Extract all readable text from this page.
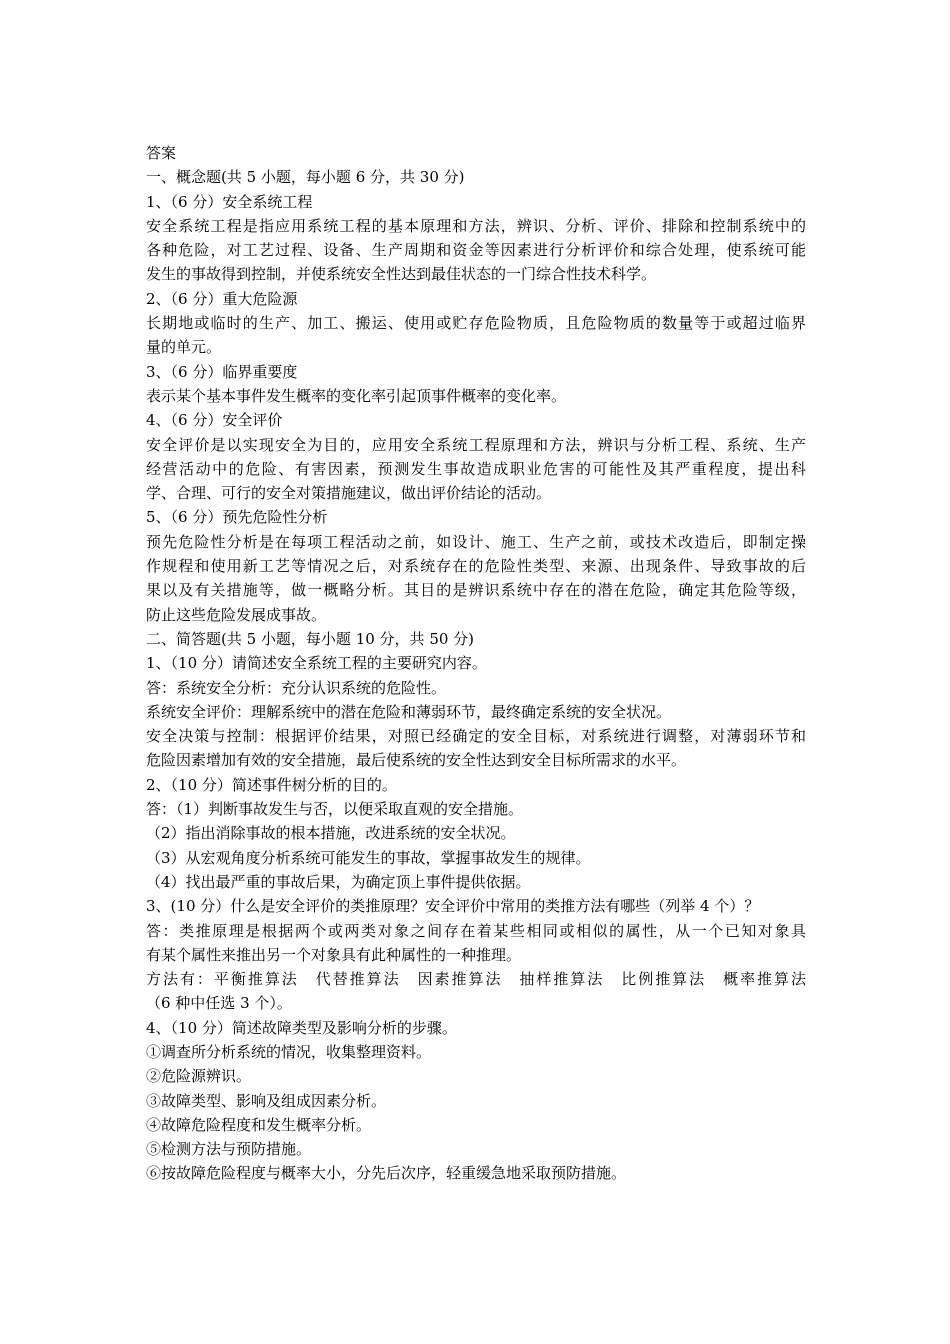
答案

一、概念题(共 5 小题，每小题 6 分，共 30 分)

1、（6 分）安全系统工程

安全系统工程是指应用系统工程的基本原理和方法，辨识、分析、评价、排除和控制系统中的

各种危险，对工艺过程、设备、生产周期和资金等因素进行分析评价和综合处理，使系统可能

发生的事故得到控制，并使系统安全性达到最佳状态的一门综合性技术科学。

2、（6 分）重大危险源

长期地或临时的生产、加工、搬运、使用或贮存危险物质，且危险物质的数量等于或超过临界

量的单元。

3、（6 分）临界重要度

表示某个基本事件发生概率的变化率引起顶事件概率的变化率。

4、（6 分）安全评价

安全评价是以实现安全为目的，应用安全系统工程原理和方法，辨识与分析工程、系统、生产

经营活动中的危险、有害因素，预测发生事故造成职业危害的可能性及其严重程度，提出科

学、合理、可行的安全对策措施建议，做出评价结论的活动。

5、（6 分）预先危险性分析

预先危险性分析是在每项工程活动之前，如设计、施工、生产之前，或技术改造后，即制定操

作规程和使用新工艺等情况之后，对系统存在的危险性类型、来源、出现条件、导致事故的后

果以及有关措施等，做一概略分析。其目的是辨识系统中存在的潜在危险，确定其危险等级，

防止这些危险发展成事故。

二、简答题(共 5 小题，每小题 10 分，共 50 分)

1、（10 分）请简述安全系统工程的主要研究内容。

答：系统安全分析：充分认识系统的危险性。

系统安全评价：理解系统中的潜在危险和薄弱环节，最终确定系统的安全状况。

安全决策与控制：根据评价结果，对照已经确定的安全目标，对系统进行调整，对薄弱环节和

危险因素增加有效的安全措施，最后使系统的安全性达到安全目标所需求的水平。

2、（10 分）简述事件树分析的目的。

答：（1）判断事故发生与否，以便采取直观的安全措施。

（2）指出消除事故的根本措施，改进系统的安全状况。

（3）从宏观角度分析系统可能发生的事故，掌握事故发生的规律。

（4）找出最严重的事故后果，为确定顶上事件提供依据。

3、(10 分）什么是安全评价的类推原理？安全评价中常用的类推方法有哪些（列举 4 个）？

答：类推原理是根据两个或两类对象之间存在着某些相同或相似的属性，从一个已知对象具

有某个属性来推出另一个对象具有此种属性的一种推理。

方法有：平衡推算法　代替推算法　因素推算法　抽样推算法　比例推算法　概率推算法

（6 种中任选 3 个）。

4、（10 分）简述故障类型及影响分析的步骤。

①调查所分析系统的情况，收集整理资料。

②危险源辨识。

③故障类型、影响及组成因素分析。

④故障危险程度和发生概率分析。

⑤检测方法与预防措施。

⑥按故障危险程度与概率大小，分先后次序，轻重缓急地采取预防措施。
